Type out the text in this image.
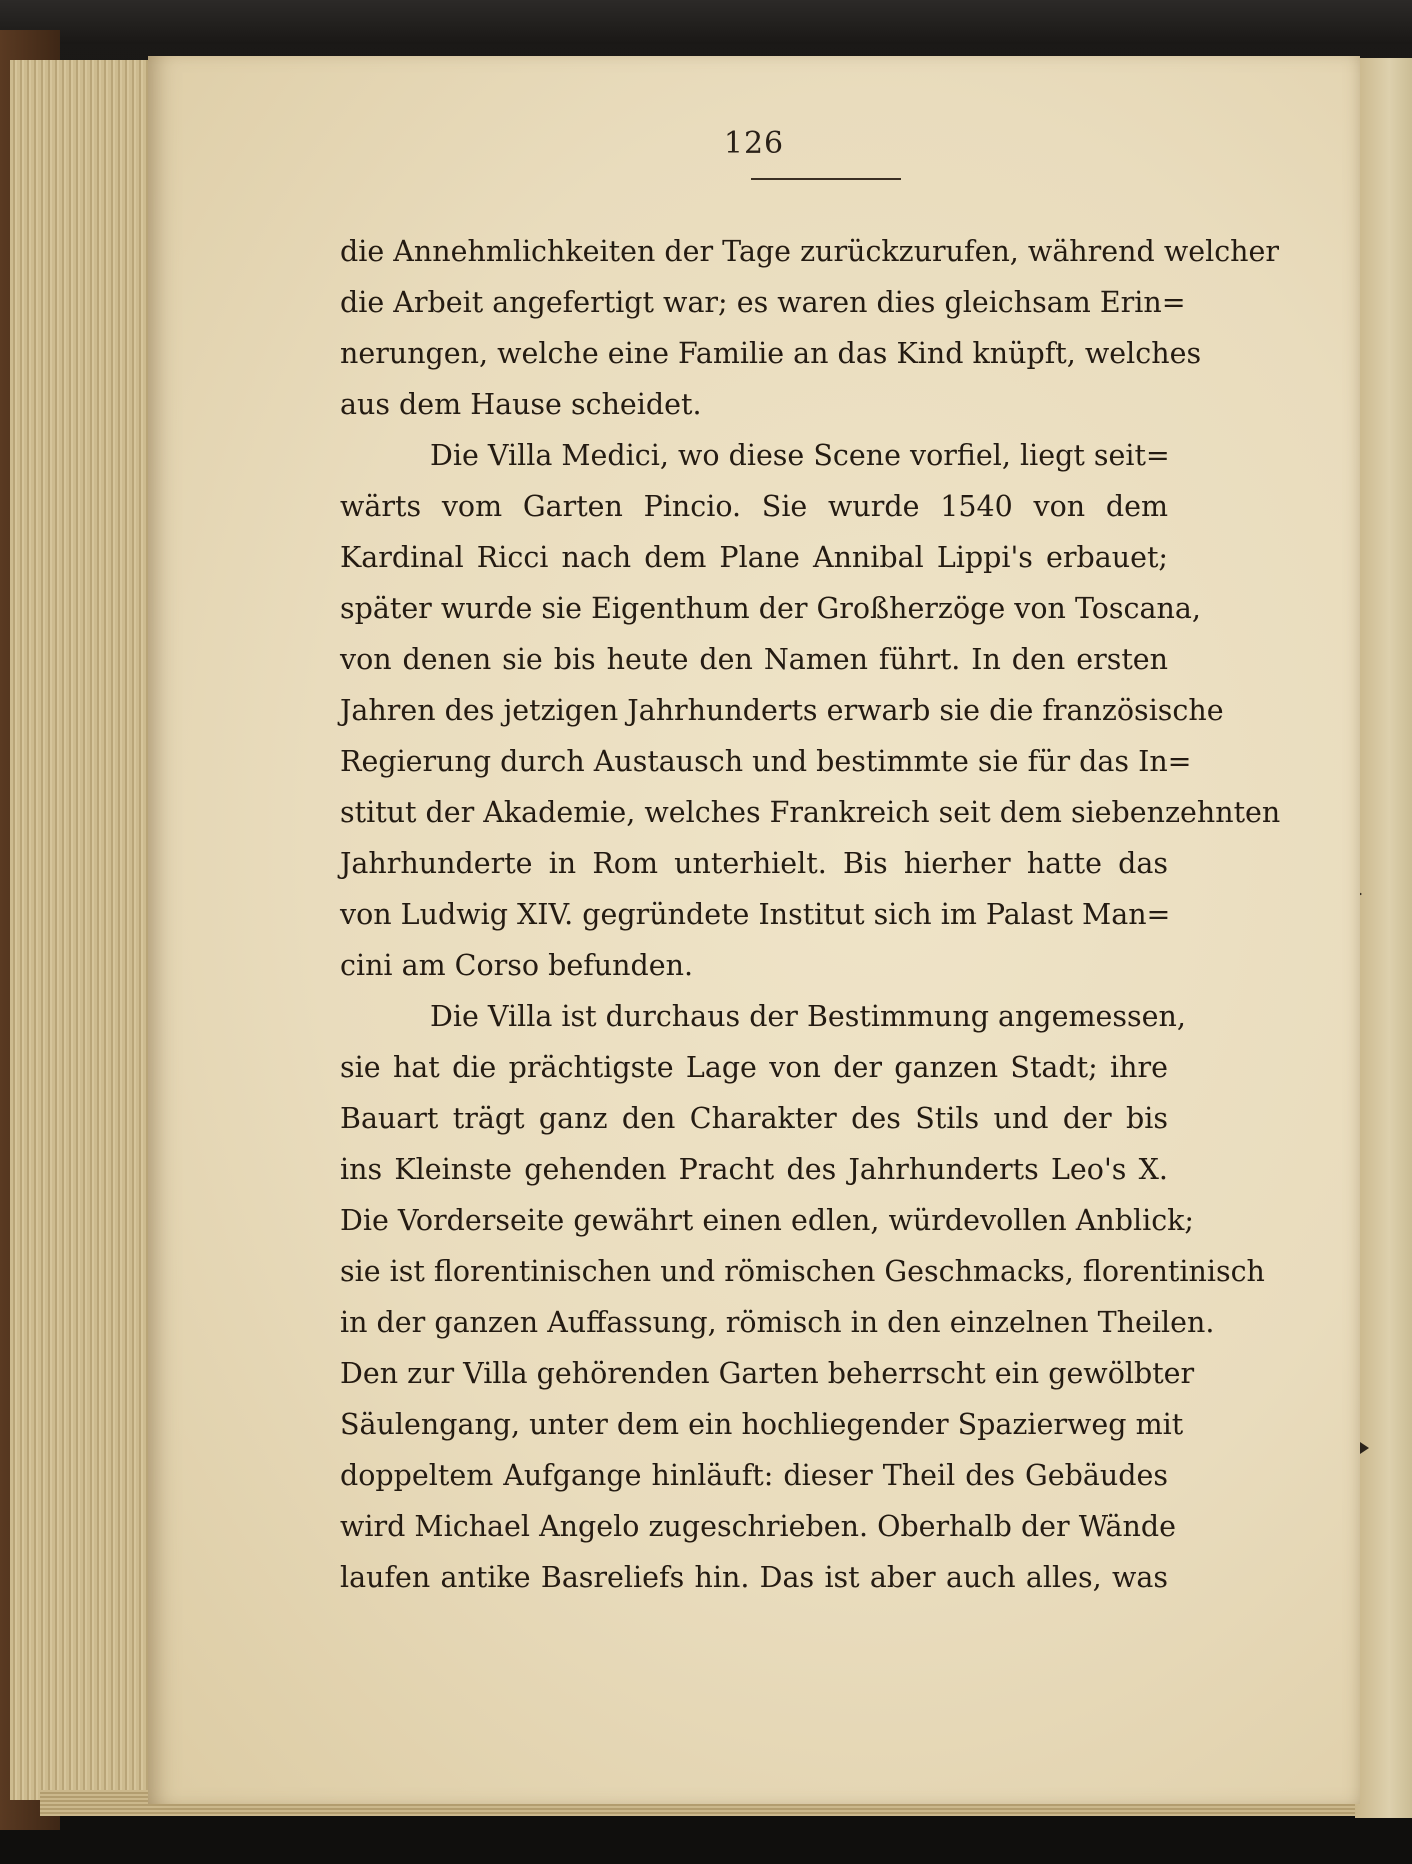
126
die Annehmlichkeiten der Tage zurückzurufen, während welcher
die Arbeit angefertigt war; es waren dies gleichsam Erin=
nerungen, welche eine Familie an das Kind knüpft, welches
aus dem Hause scheidet.
Die Villa Medici, wo diese Scene vorfiel, liegt seit=
wärts vom Garten Pincio. Sie wurde 1540 von dem
Kardinal Ricci nach dem Plane Annibal Lippi's erbauet;
später wurde sie Eigenthum der Großherzöge von Toscana,
von denen sie bis heute den Namen führt. In den ersten
Jahren des jetzigen Jahrhunderts erwarb sie die französische
Regierung durch Austausch und bestimmte sie für das In=
stitut der Akademie, welches Frankreich seit dem siebenzehnten
Jahrhunderte in Rom unterhielt. Bis hierher hatte das
von Ludwig XIV. gegründete Institut sich im Palast Man=
cini am Corso befunden.
Die Villa ist durchaus der Bestimmung angemessen,
sie hat die prächtigste Lage von der ganzen Stadt; ihre
Bauart trägt ganz den Charakter des Stils und der bis
ins Kleinste gehenden Pracht des Jahrhunderts Leo's X.
Die Vorderseite gewährt einen edlen, würdevollen Anblick;
sie ist florentinischen und römischen Geschmacks, florentinisch
in der ganzen Auffassung, römisch in den einzelnen Theilen.
Den zur Villa gehörenden Garten beherrscht ein gewölbter
Säulengang, unter dem ein hochliegender Spazierweg mit
doppeltem Aufgange hinläuft: dieser Theil des Gebäudes
wird Michael Angelo zugeschrieben. Oberhalb der Wände
laufen antike Basreliefs hin. Das ist aber auch alles, was
